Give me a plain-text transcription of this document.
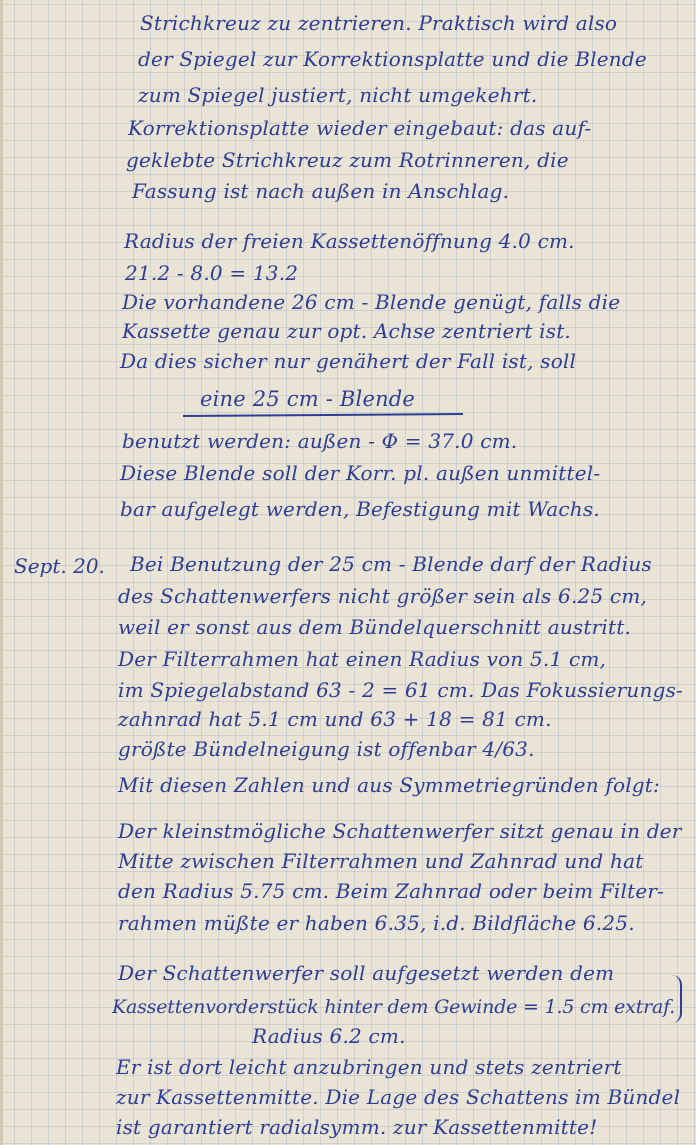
Strichkreuz zu zentrieren. Praktisch wird also
der Spiegel zur Korrektionsplatte und die Blende
zum Spiegel justiert, nicht umgekehrt.
Korrektionsplatte wieder eingebaut: das auf-
geklebte Strichkreuz zum Rotrinneren, die
Fassung ist nach außen in Anschlag.
Radius der freien Kassettenöffnung 4.0 cm.
21.2 - 8.0 = 13.2
Die vorhandene 26 cm - Blende genügt, falls die
Kassette genau zur opt. Achse zentriert ist.
Da dies sicher nur genähert der Fall ist, soll
eine 25 cm - Blende
benutzt werden: außen - Φ = 37.0 cm.
Diese Blende soll der Korr. pl. außen unmittel-
bar aufgelegt werden, Befestigung mit Wachs.
Sept. 20. Bei Benutzung der 25 cm - Blende darf der Radius
des Schattenwerfers nicht größer sein als 6.25 cm,
weil er sonst aus dem Bündelquerschnitt austritt.
Der Filterrahmen hat einen Radius von 5.1 cm,
im Spiegelabstand 63 - 2 = 61 cm. Das Fokussierungs-
zahnrad hat 5.1 cm und 63 + 18 = 81 cm.
größte Bündelneigung ist offenbar 4/63.
Mit diesen Zahlen und aus Symmetriegründen folgt:
Der kleinstmögliche Schattenwerfer sitzt genau in der
Mitte zwischen Filterrahmen und Zahnrad und hat
den Radius 5.75 cm. Beim Zahnrad oder beim Filter-
rahmen müßte er haben 6.35, i.d. Bildfläche 6.25.
Der Schattenwerfer soll aufgesetzt werden dem
Kassettenvorderstück hinter dem Gewinde = 1.5 cm extraf.
Radius 6.2 cm.
Er ist dort leicht anzubringen und stets zentriert
zur Kassettenmitte. Die Lage des Schattens im Bündel
ist garantiert radialsymm. zur Kassettenmitte!
